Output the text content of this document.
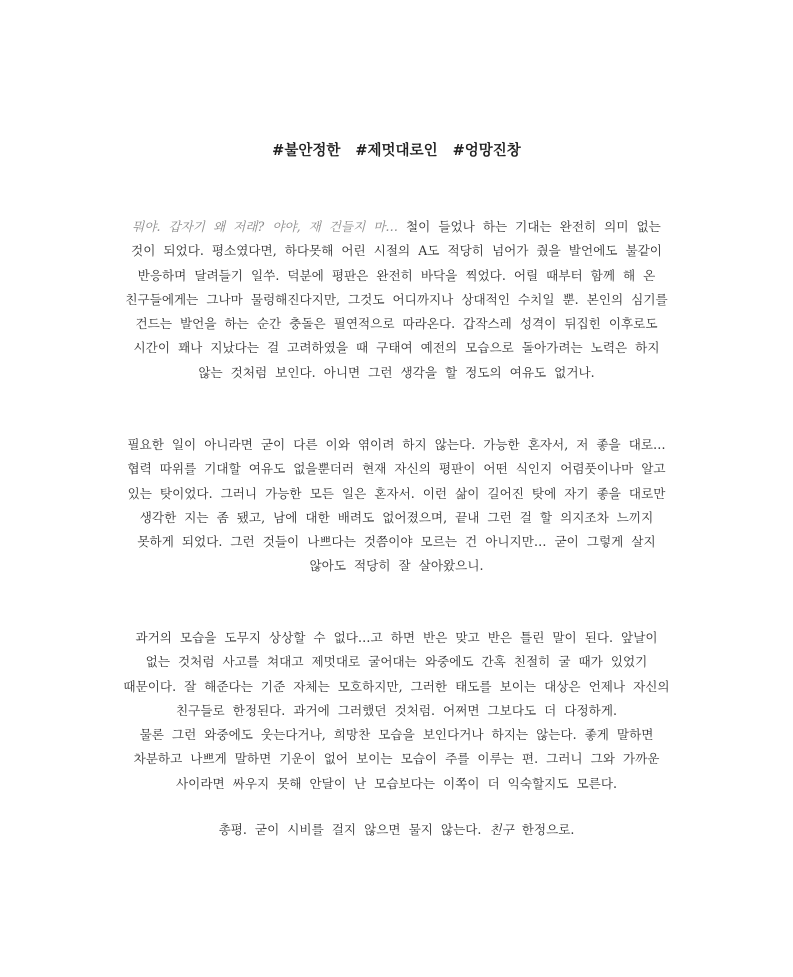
#불안정한 #제멋대로인 #엉망진창
뭐야. 갑자기 왜 저래? 야야, 재 건들지 마… 철이 들었나 하는 기대는 완전히 의미 없는
것이 되었다. 평소였다면, 하다못해 어린 시절의 A도 적당히 넘어가 줬을 발언에도 불같이
반응하며 달려들기 일쑤. 덕분에 평판은 완전히 바닥을 찍었다. 어릴 때부터 함께 해 온
친구들에게는 그나마 물렁해진다지만, 그것도 어디까지나 상대적인 수치일 뿐. 본인의 심기를
건드는 발언을 하는 순간 충돌은 필연적으로 따라온다. 갑작스레 성격이 뒤집힌 이후로도
시간이 꽤나 지났다는 걸 고려하였을 때 구태여 예전의 모습으로 돌아가려는 노력은 하지
않는 것처럼 보인다. 아니면 그런 생각을 할 정도의 여유도 없거나.
필요한 일이 아니라면 굳이 다른 이와 엮이려 하지 않는다. 가능한 혼자서, 저 좋을 대로…
협력 따위를 기대할 여유도 없을뿐더러 현재 자신의 평판이 어떤 식인지 어렴풋이나마 알고
있는 탓이었다. 그러니 가능한 모든 일은 혼자서. 이런 삶이 길어진 탓에 자기 좋을 대로만
생각한 지는 좀 됐고, 남에 대한 배려도 없어졌으며, 끝내 그런 걸 할 의지조차 느끼지
못하게 되었다. 그런 것들이 나쁘다는 것쯤이야 모르는 건 아니지만… 굳이 그렇게 살지
않아도 적당히 잘 살아왔으니.
과거의 모습을 도무지 상상할 수 없다…고 하면 반은 맞고 반은 틀린 말이 된다. 앞날이
없는 것처럼 사고를 쳐대고 제멋대로 굴어대는 와중에도 간혹 친절히 굴 때가 있었기
때문이다. 잘 해준다는 기준 자체는 모호하지만, 그러한 태도를 보이는 대상은 언제나 자신의
친구들로 한정된다. 과거에 그러했던 것처럼. 어쩌면 그보다도 더 다정하게.
물론 그런 와중에도 웃는다거나, 희망찬 모습을 보인다거나 하지는 않는다. 좋게 말하면
차분하고 나쁘게 말하면 기운이 없어 보이는 모습이 주를 이루는 편. 그러니 그와 가까운
사이라면 싸우지 못해 안달이 난 모습보다는 이쪽이 더 익숙할지도 모른다.
총평. 굳이 시비를 걸지 않으면 물지 않는다. 친구 한정으로.
